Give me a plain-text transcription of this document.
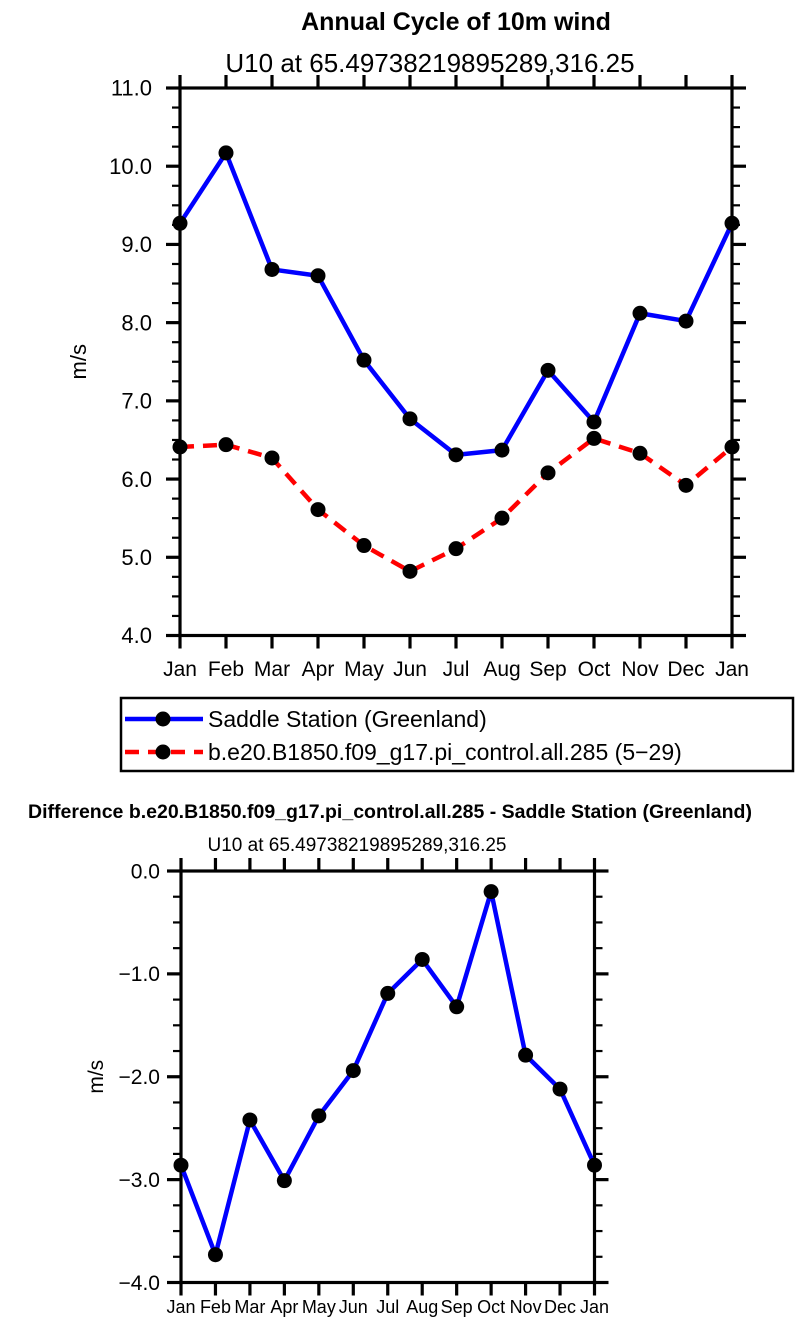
Annual Cycle of 10m wind
U10 at 65.49738219895289,316.25
4.0
5.0
6.0
7.0
8.0
9.0
10.0
11.0
Jan Feb Mar Apr May Jun Jul Aug Sep Oct Nov Dec Jan
m/s
Saddle Station (Greenland)
b.e20.B1850.f09_g17.pi_control.all.285 (5−29)
Difference b.e20.B1850.f09_g17.pi_control.all.285 - Saddle Station (Greenland)
U10 at 65.49738219895289,316.25
−4.0
−3.0
−2.0
−1.0
0.0
Jan Feb Mar Apr May Jun Jul Aug Sep Oct Nov Dec Jan
m/s
